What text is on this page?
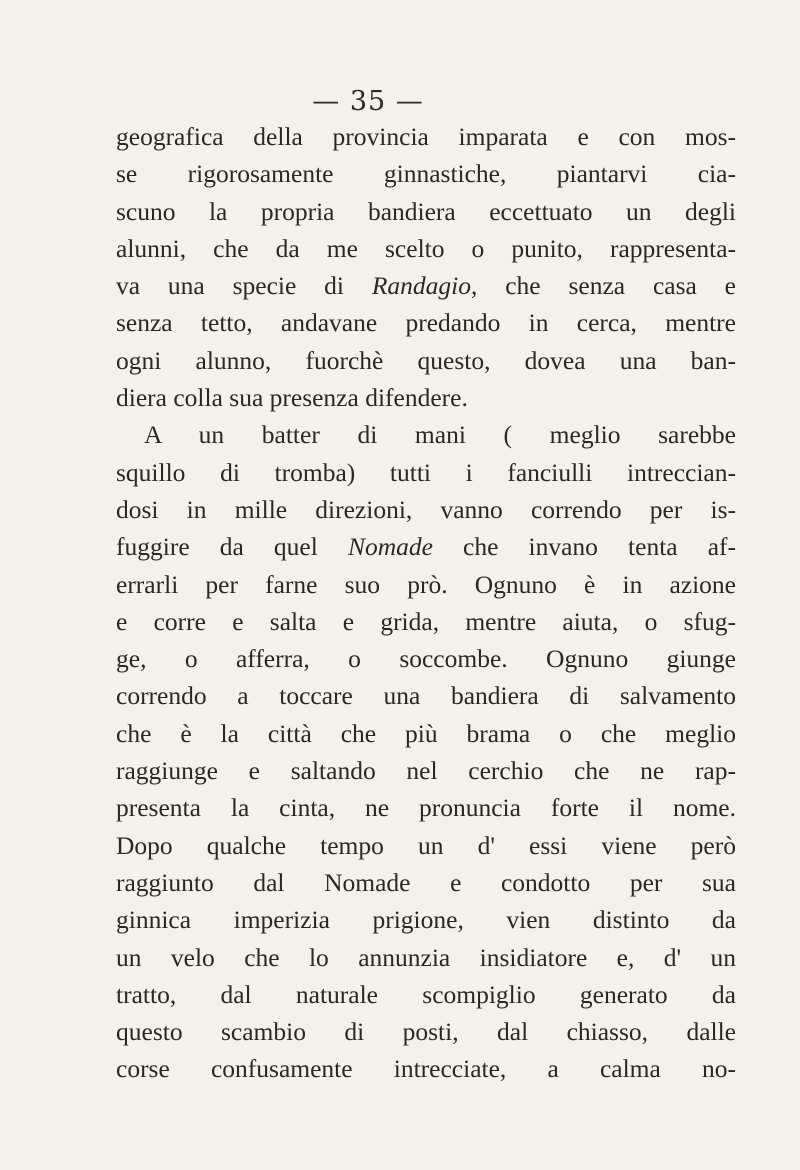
— 35 —
geografica della provincia imparata e con mos-
se rigorosamente ginnastiche, piantarvi cia-
scuno la propria bandiera eccettuato un degli
alunni, che da me scelto o punito, rappresenta-
va una specie di Randagio, che senza casa e
senza tetto, andavane predando in cerca, mentre
ogni alunno, fuorchè questo, dovea una ban-
diera colla sua presenza difendere.
A un batter di mani ( meglio sarebbe
squillo di tromba) tutti i fanciulli intreccian-
dosi in mille direzioni, vanno correndo per is-
fuggire da quel Nomade che invano tenta af-
errarli per farne suo prò. Ognuno è in azione
e corre e salta e grida, mentre aiuta, o sfug-
ge, o afferra, o soccombe. Ognuno giunge
correndo a toccare una bandiera di salvamento
che è la città che più brama o che meglio
raggiunge e saltando nel cerchio che ne rap-
presenta la cinta, ne pronuncia forte il nome.
Dopo qualche tempo un d' essi viene però
raggiunto dal Nomade e condotto per sua
ginnica imperizia prigione, vien distinto da
un velo che lo annunzia insidiatore e, d' un
tratto, dal naturale scompiglio generato da
questo scambio di posti, dal chiasso, dalle
corse confusamente intrecciate, a calma no-
